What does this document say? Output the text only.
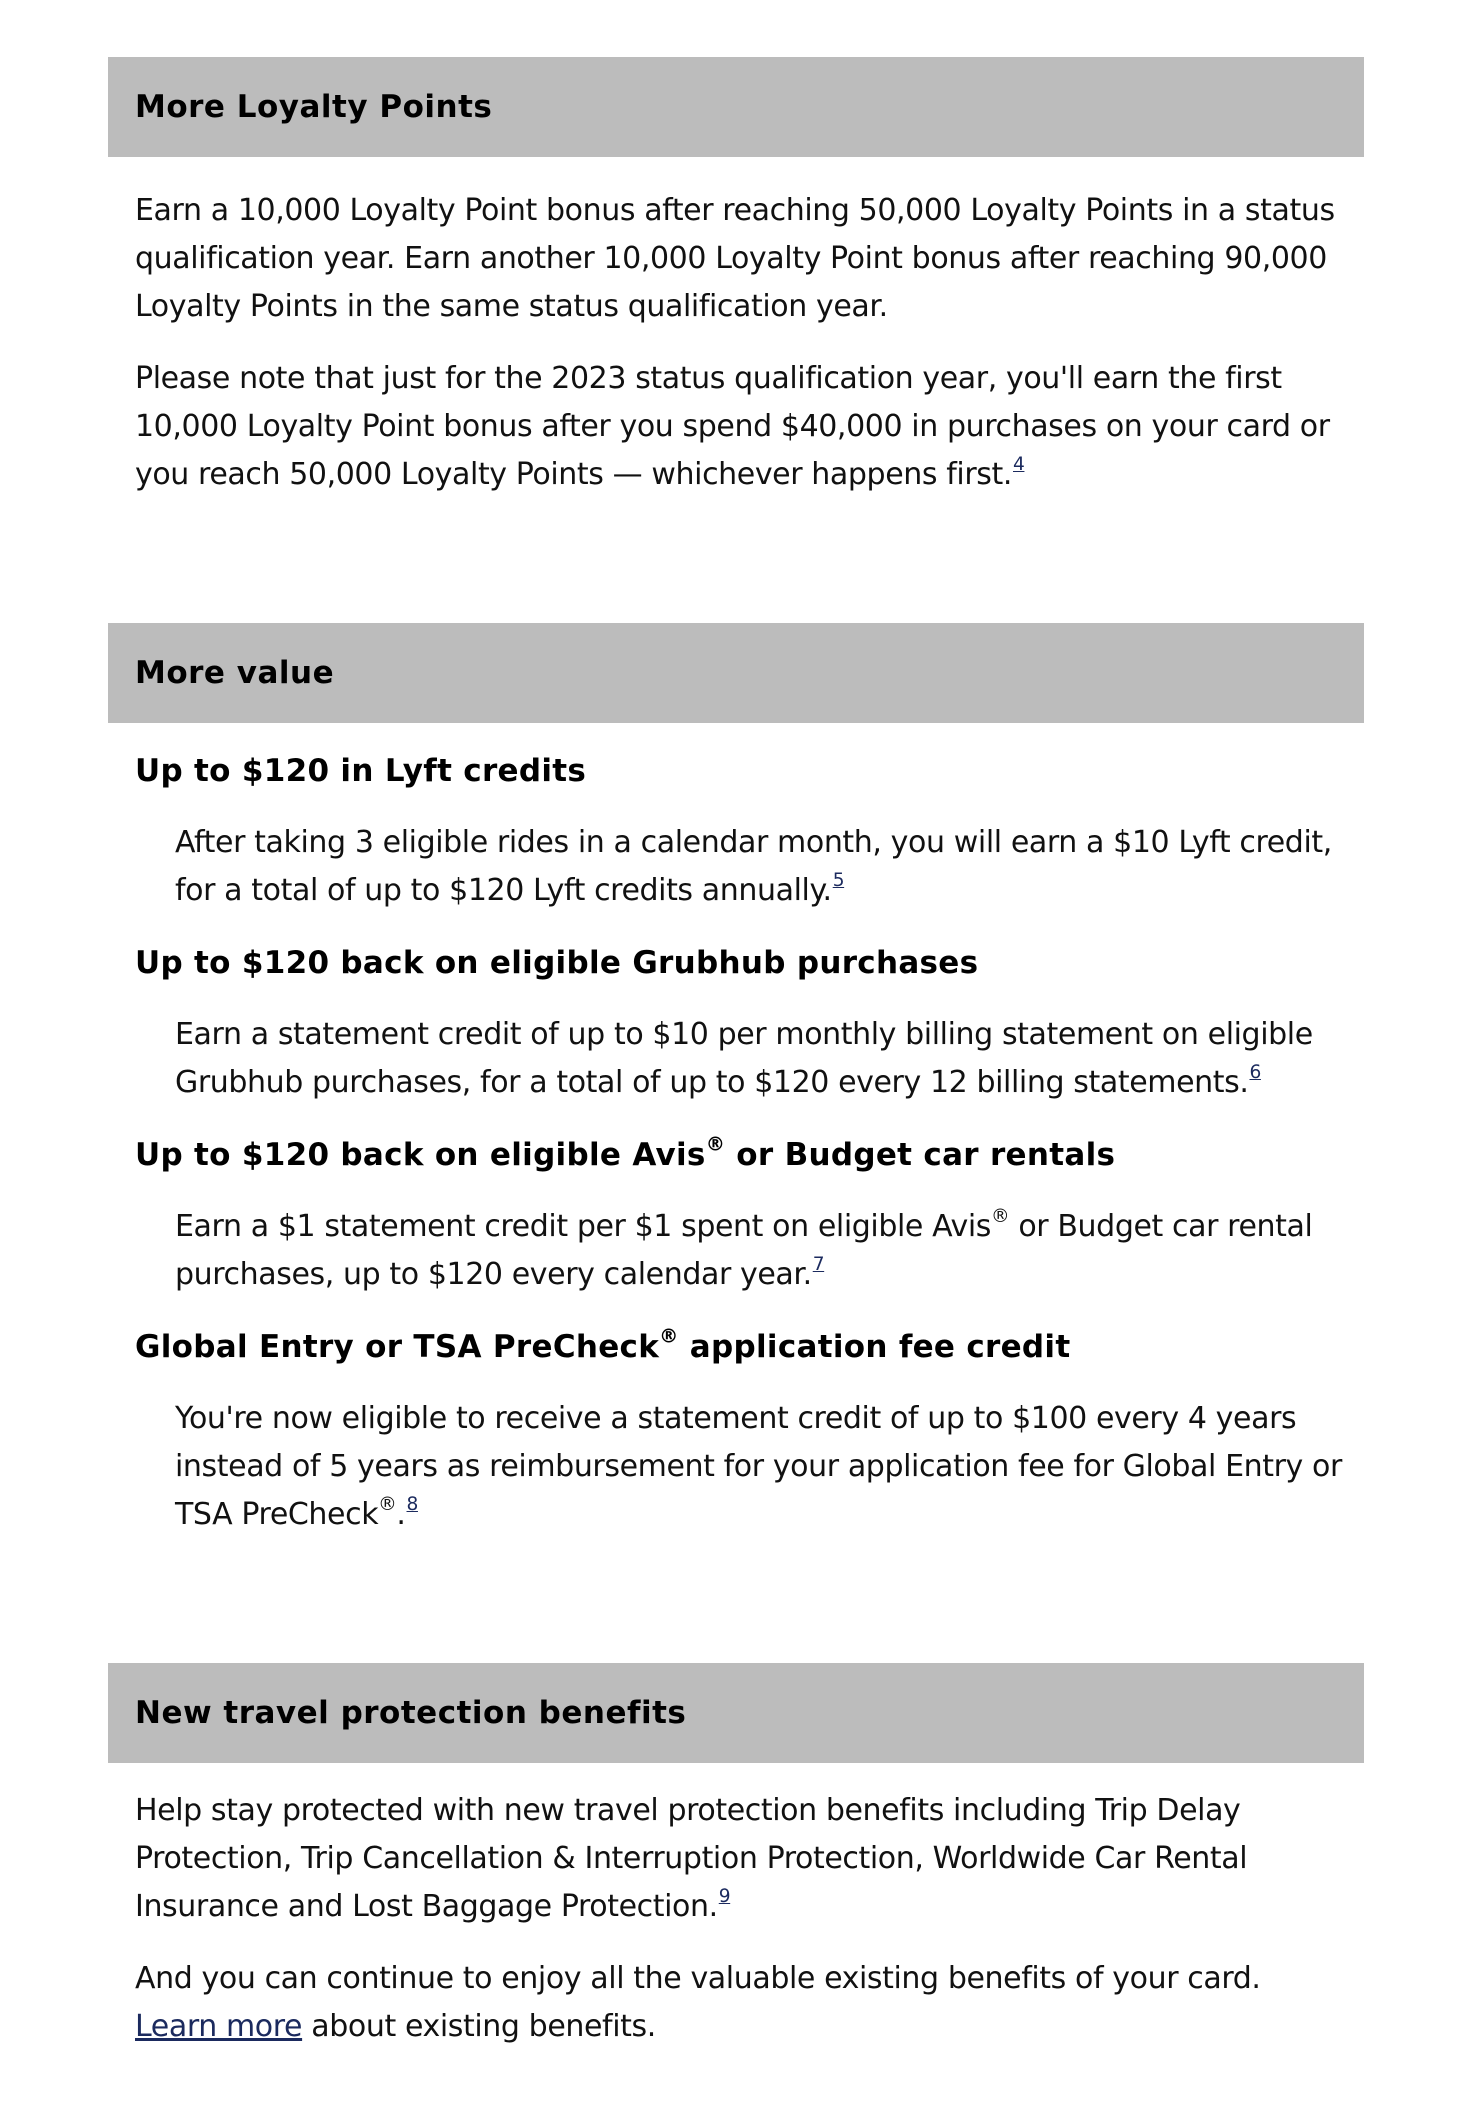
More Loyalty Points

Earn a 10,000 Loyalty Point bonus after reaching 50,000 Loyalty Points in a status qualification year. Earn another 10,000 Loyalty Point bonus after reaching 90,000 Loyalty Points in the same status qualification year.

Please note that just for the 2023 status qualification year, you'll earn the first 10,000 Loyalty Point bonus after you spend $40,000 in purchases on your card or you reach 50,000 Loyalty Points — whichever happens first.$^4$

More value

Up to $120 in Lyft credits

After taking 3 eligible rides in a calendar month, you will earn a $10 Lyft credit, for a total of up to $120 Lyft credits annually.$^5$

Up to $120 back on eligible Grubhub purchases

Earn a statement credit of up to $10 per monthly billing statement on eligible Grubhub purchases, for a total of up to $120 every 12 billing statements.$^6$

Up to $120 back on eligible Avis® or Budget car rentals

Earn a $1 statement credit per $1 spent on eligible Avis® or Budget car rental purchases, up to $120 every calendar year.$^7$

Global Entry or TSA PreCheck® application fee credit

You're now eligible to receive a statement credit of up to $100 every 4 years instead of 5 years as reimbursement for your application fee for Global Entry or TSA PreCheck®.$^8$

New travel protection benefits

Help stay protected with new travel protection benefits including Trip Delay Protection, Trip Cancellation & Interruption Protection, Worldwide Car Rental Insurance and Lost Baggage Protection.$^9$

And you can continue to enjoy all the valuable existing benefits of your card. Learn more about existing benefits.
